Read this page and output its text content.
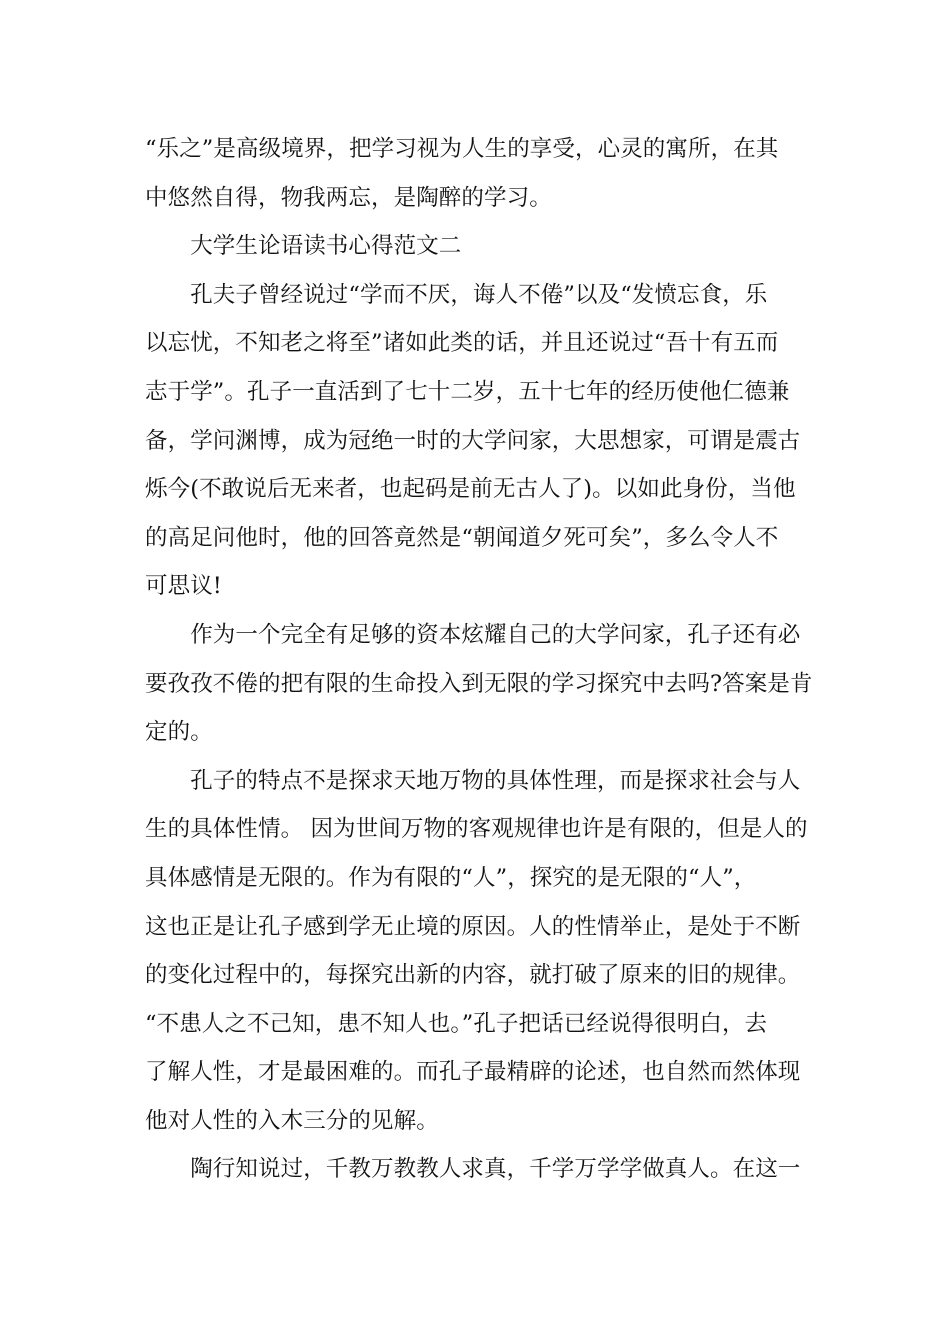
“乐之”是高级境界，把学习视为人生的享受，心灵的寓所，在其
中悠然自得，物我两忘，是陶醉的学习。
　　大学生论语读书心得范文二
　　孔夫子曾经说过“学而不厌，诲人不倦”以及“发愤忘食，乐
以忘忧，不知老之将至”诸如此类的话，并且还说过“吾十有五而
志于学”。孔子一直活到了七十二岁，五十七年的经历使他仁德兼
备，学问渊博，成为冠绝一时的大学问家，大思想家，可谓是震古
烁今(不敢说后无来者，也起码是前无古人了)。以如此身份，当他
的高足问他时，他的回答竟然是“朝闻道夕死可矣”，多么令人不
可思议!
　　作为一个完全有足够的资本炫耀自己的大学问家，孔子还有必
要孜孜不倦的把有限的生命投入到无限的学习探究中去吗?答案是肯
定的。
　　孔子的特点不是探求天地万物的具体性理，而是探求社会与人
生的具体性情。 因为世间万物的客观规律也许是有限的，但是人的
具体感情是无限的。作为有限的“人”，探究的是无限的“人”，
这也正是让孔子感到学无止境的原因。人的性情举止，是处于不断
的变化过程中的，每探究出新的内容，就打破了原来的旧的规律。
“不患人之不己知，患不知人也。”孔子把话已经说得很明白，去
了解人性，才是最困难的。而孔子最精辟的论述，也自然而然体现
他对人性的入木三分的见解。
　　陶行知说过，千教万教教人求真，千学万学学做真人。在这一
